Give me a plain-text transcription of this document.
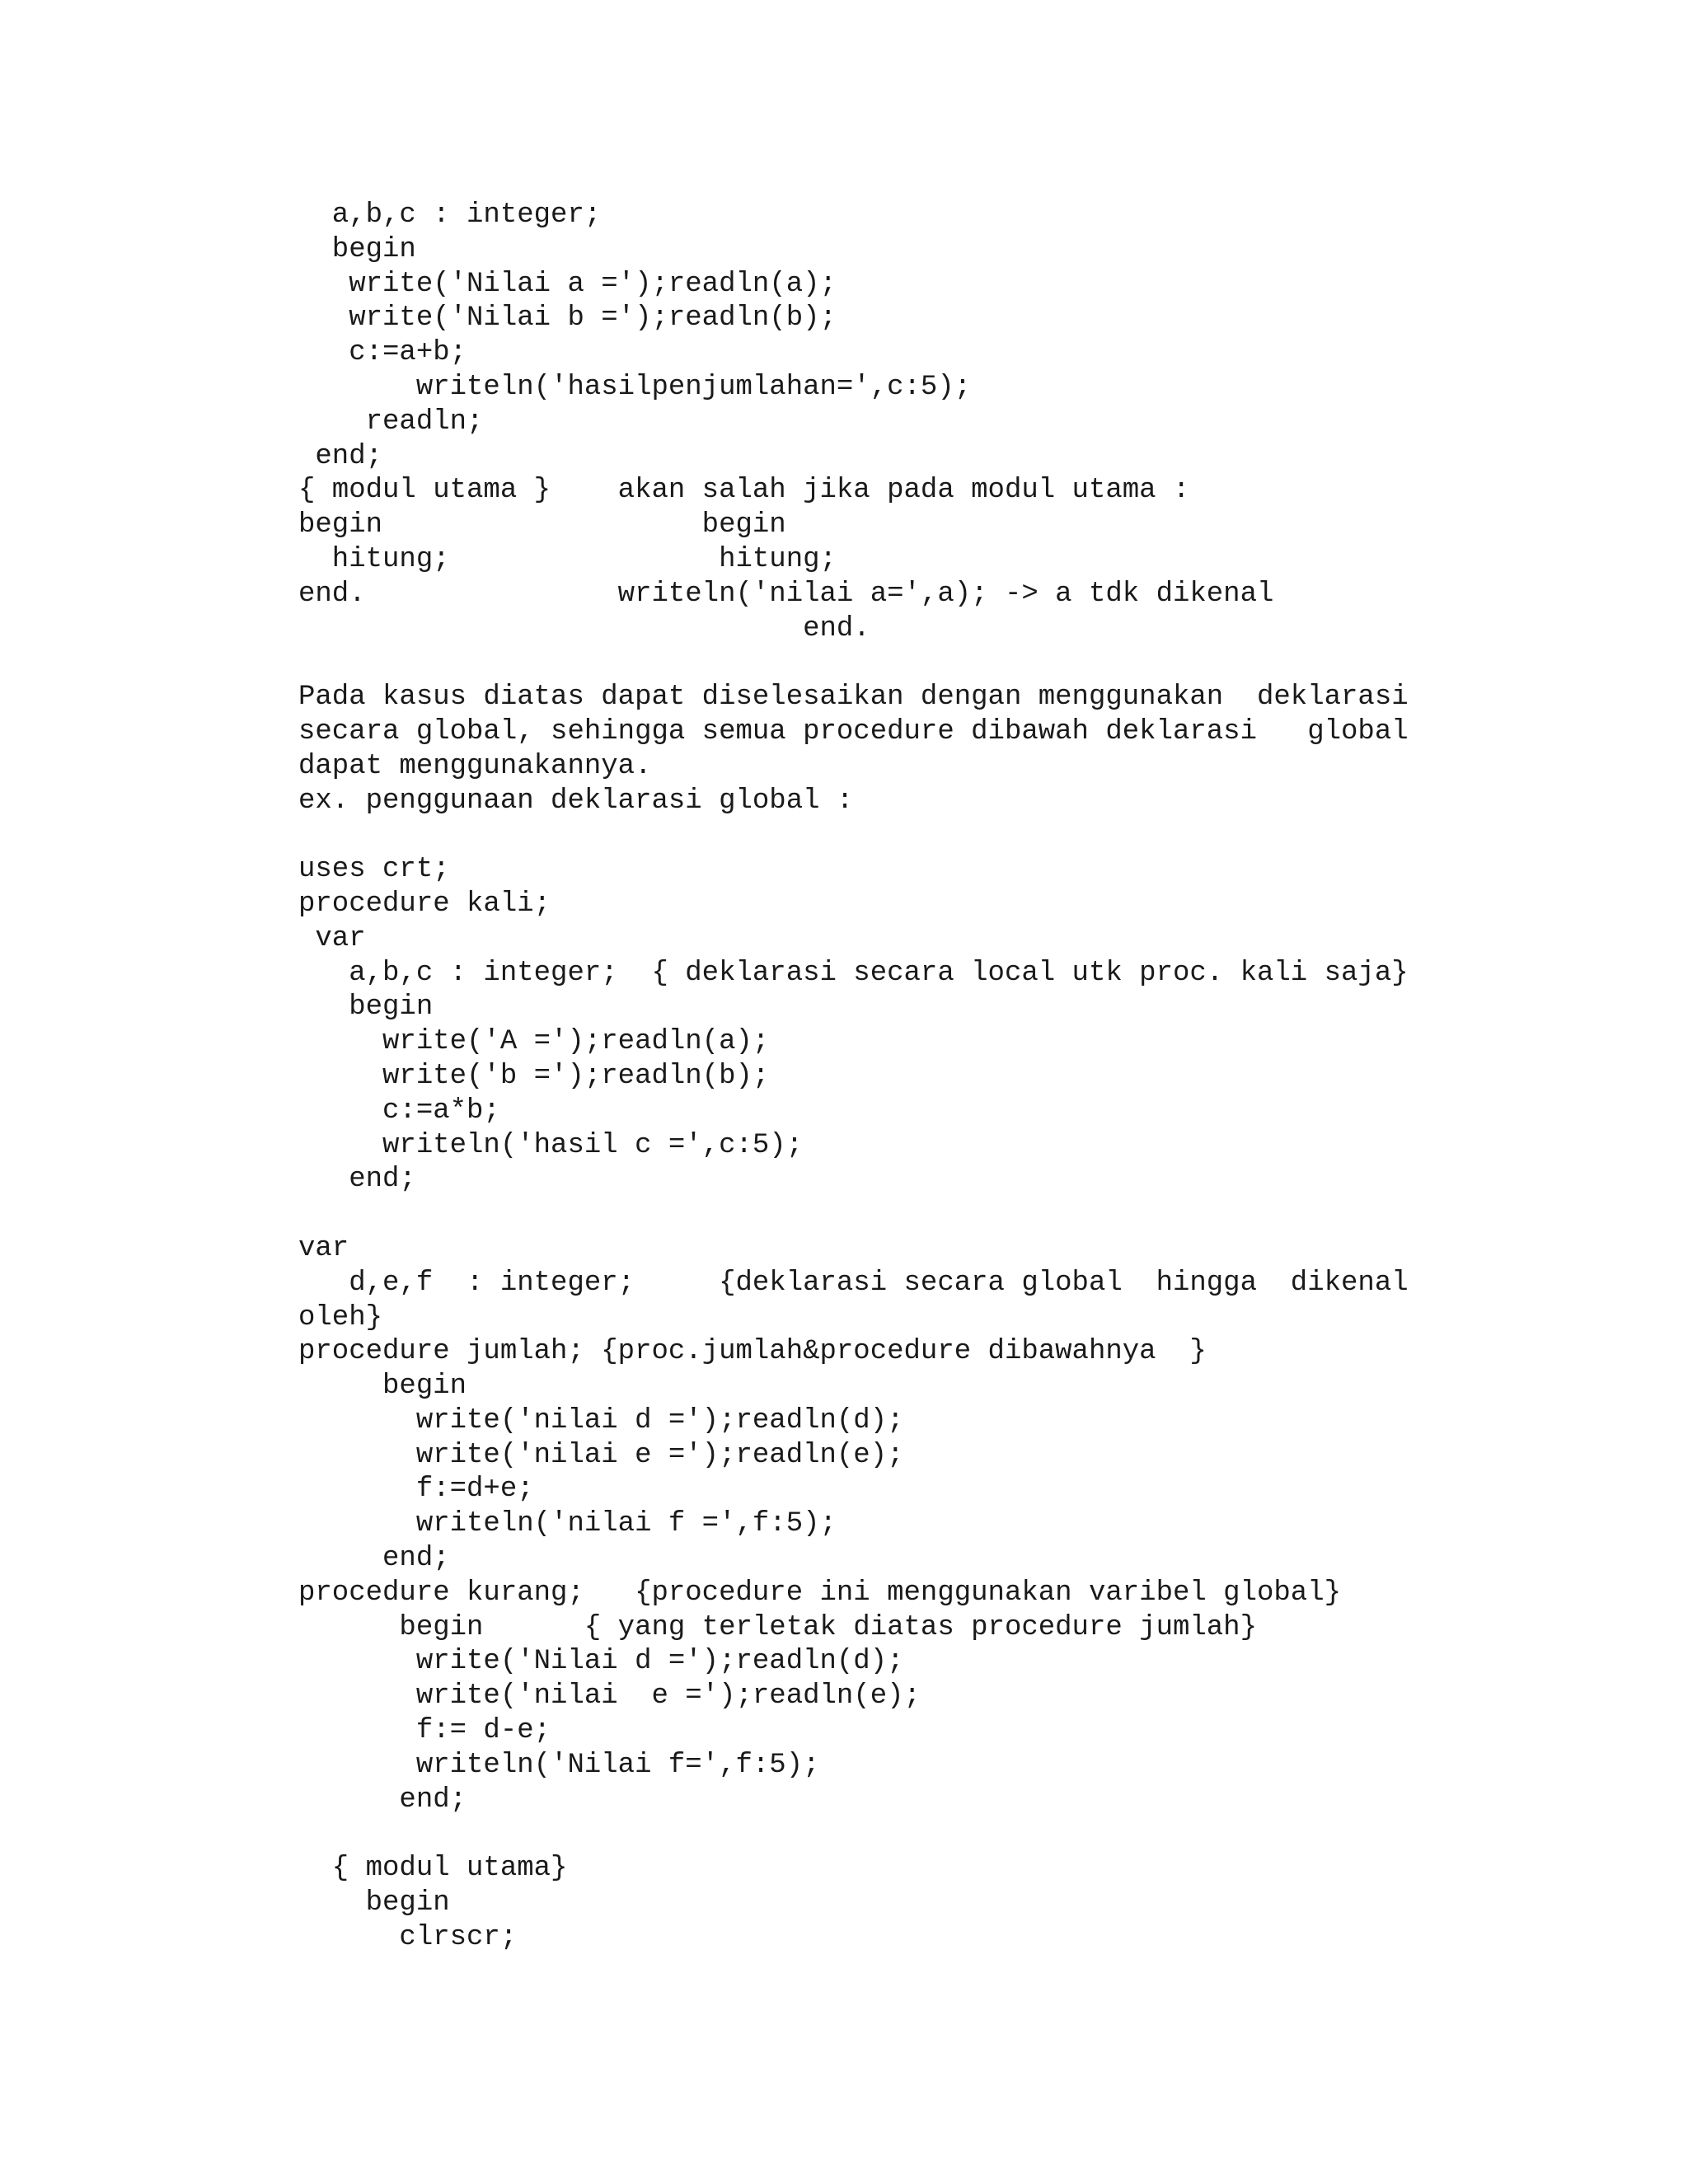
a,b,c : integer;
begin
write('Nilai a =');readln(a);
write('Nilai b =');readln(b);
c:=a+b;
writeln('hasilpenjumlahan=',c:5);
readln;
end;
{ modul utama }    akan salah jika pada modul utama :
begin                   begin
hitung;                hitung;
end.               writeln('nilai a=',a); -> a tdk dikenal
end.
Pada kasus diatas dapat diselesaikan dengan menggunakan  deklarasi
secara global, sehingga semua procedure dibawah deklarasi   global
dapat menggunakannya.
ex. penggunaan deklarasi global :
uses crt;
procedure kali;
var
a,b,c : integer;  { deklarasi secara local utk proc. kali saja}
begin
write('A =');readln(a);
write('b =');readln(b);
c:=a*b;
writeln('hasil c =',c:5);
end;
var
d,e,f  : integer;     {deklarasi secara global  hingga  dikenal
oleh}
procedure jumlah; {proc.jumlah&procedure dibawahnya  }
begin
write('nilai d =');readln(d);
write('nilai e =');readln(e);
f:=d+e;
writeln('nilai f =',f:5);
end;
procedure kurang;   {procedure ini menggunakan varibel global}
begin      { yang terletak diatas procedure jumlah}
write('Nilai d =');readln(d);
write('nilai  e =');readln(e);
f:= d-e;
writeln('Nilai f=',f:5);
end;
{ modul utama}
begin
clrscr;
